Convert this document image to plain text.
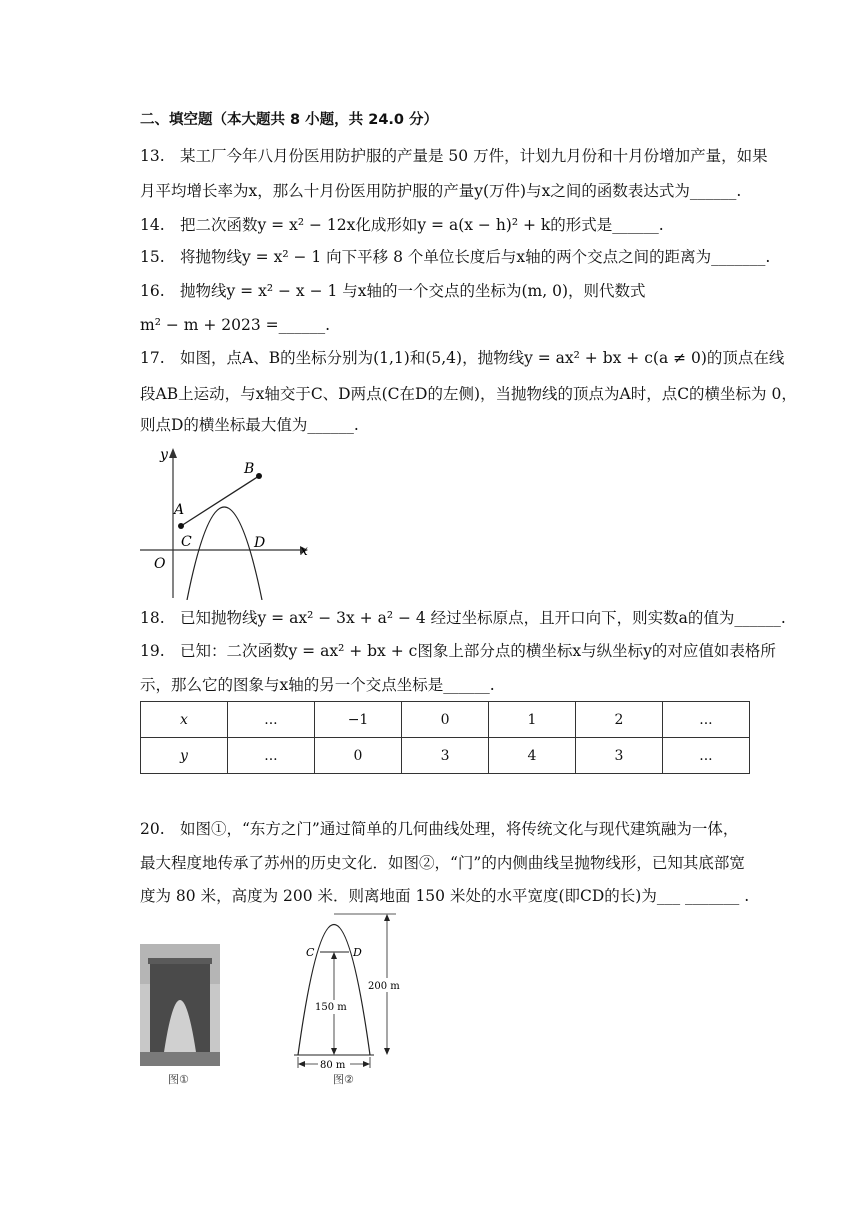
二、填空题（本大题共 8 小题，共 24.0 分）
13. 某工厂今年八月份医用防护服的产量是 50 万件，计划九月份和十月份增加产量，如果
月平均增长率为x，那么十月份医用防护服的产量y(万件)与x之间的函数表达式为______.
14. 把二次函数y = x² − 12x化成形如y = a(x − h)² + k的形式是______.
15. 将抛物线y = x² − 1 向下平移 8 个单位长度后与x轴的两个交点之间的距离为_______.
16. 抛物线y = x² − x − 1 与x轴的一个交点的坐标为(m, 0)，则代数式
m² − m + 2023 =______.
17. 如图，点A、B的坐标分别为(1,1)和(5,4)，抛物线y = ax² + bx + c(a ≠ 0)的顶点在线
段AB上运动，与x轴交于C、D两点(C在D的左侧)，当抛物线的顶点为A时，点C的横坐标为 0，
则点D的横坐标最大值为______.
y
x
O
A
B
C	D
18. 已知抛物线y = ax² − 3x + a² − 4 经过坐标原点，且开口向下，则实数a的值为______.
19. 已知：二次函数y = ax² + bx + c图象上部分点的横坐标x与纵坐标y的对应值如表格所
示，那么它的图象与x轴的另一个交点坐标是______.
x	...	−1	0	1	2	...
y	...	0	3	4	3	...
20. 如图①，“东方之门”通过简单的几何曲线处理，将传统文化与现代建筑融为一体，
最大程度地传承了苏州的历史文化．如图②，“门”的内侧曲线呈抛物线形，已知其底部宽
度为 80 米，高度为 200 米．则离地面 150 米处的水平宽度(即CD的长)为___ _______ .
图①
C	D
200 m
150 m
80 m
图②
